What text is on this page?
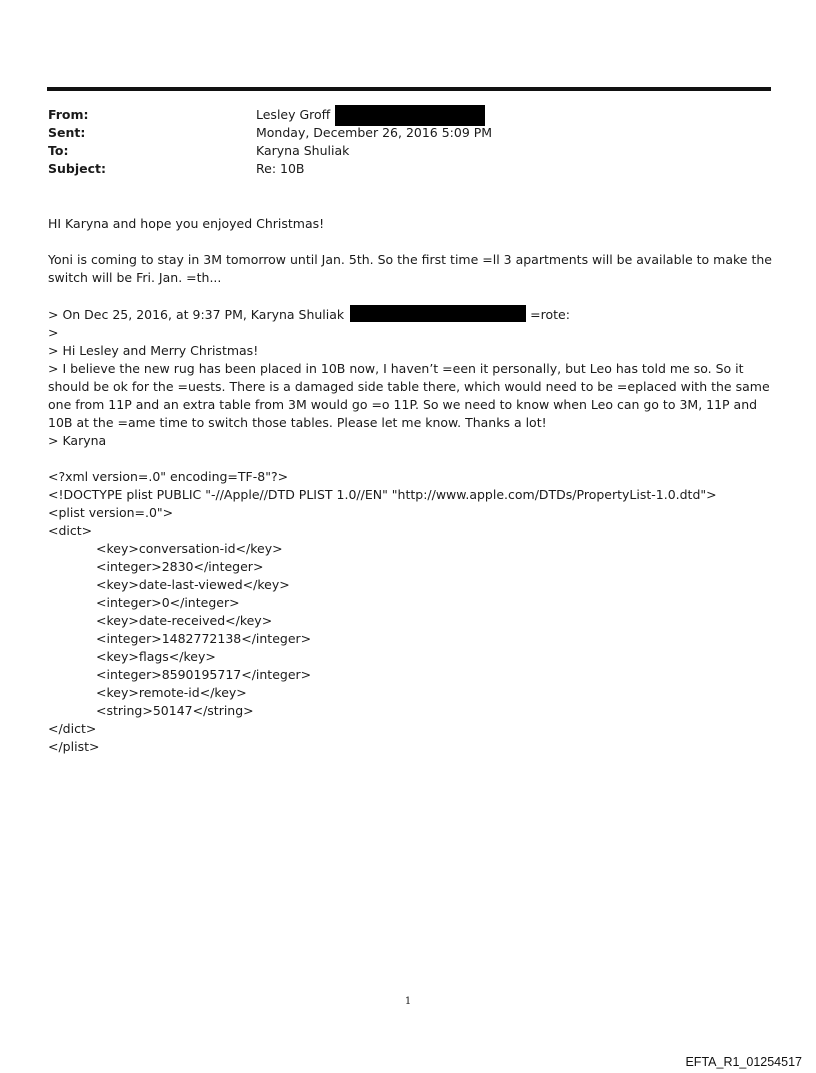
From:	Lesley Groff
Sent:	Monday, December 26, 2016 5:09 PM
To:	Karyna Shuliak
Subject:	Re: 10B

HI Karyna and hope you enjoyed Christmas!

Yoni is coming to stay in 3M tomorrow until Jan. 5th. So the first time =ll 3 apartments will be available to make the switch will be Fri. Jan. =th...

> On Dec 25, 2016, at 9:37 PM, Karyna Shuliak	=rote:

>

> Hi Lesley and Merry Christmas!

> I believe the new rug has been placed in 10B now, I haven’t =een it personally, but Leo has told me so. So it should be ok for the =uests. There is a damaged side table there, which would need to be =eplaced with the same one from 11P and an extra table from 3M would go =o 11P. So we need to know when Leo can go to 3M, 11P and 10B at the =ame time to switch those tables. Please let me know. Thanks a lot!

> Karyna

<?xml version=.0" encoding=TF-8"?>

<!DOCTYPE plist PUBLIC "-//Apple//DTD PLIST 1.0//EN" "http://www.apple.com/DTDs/PropertyList-1.0.dtd">

<plist version=.0">

<dict>

<key>conversation-id</key>

<integer>2830</integer>

<key>date-last-viewed</key>

<integer>0</integer>

<key>date-received</key>

<integer>1482772138</integer>

<key>flags</key>

<integer>8590195717</integer>

<key>remote-id</key>

<string>50147</string>

</dict>

</plist>

1
EFTA_R1_01254517
